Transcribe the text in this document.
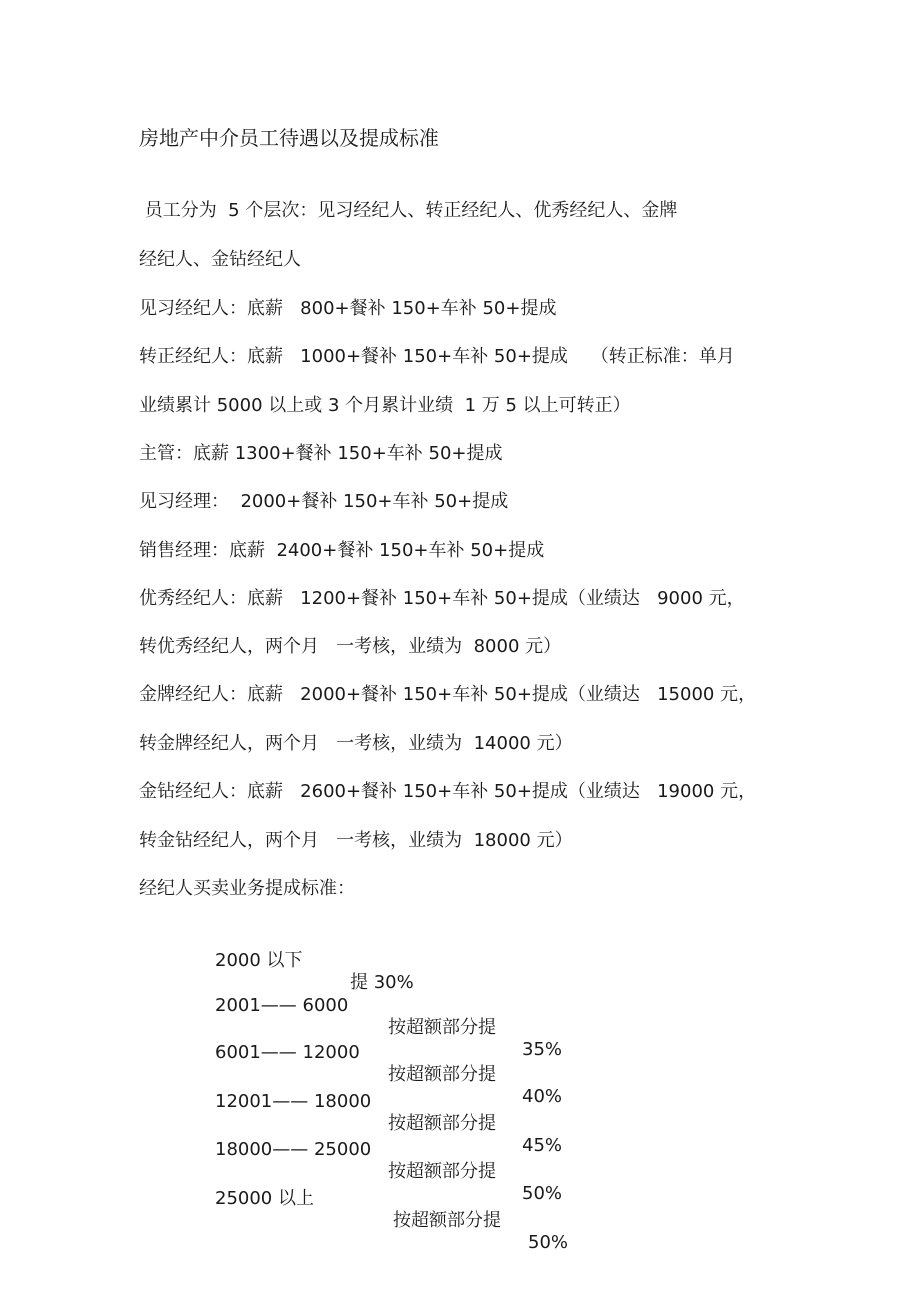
房地产中介员工待遇以及提成标准
员工分为  5 个层次：见习经纪人、转正经纪人、优秀经纪人、金牌
经纪人、金钻经纪人
见习经纪人：底薪   800+餐补 150+车补 50+提成
转正经纪人：底薪   1000+餐补 150+车补 50+提成    （转正标准：单月
业绩累计 5000 以上或 3 个月累计业绩  1 万 5 以上可转正）
主管：底薪 1300+餐补 150+车补 50+提成
见习经理：  2000+餐补 150+车补 50+提成
销售经理：底薪  2400+餐补 150+车补 50+提成
优秀经纪人：底薪   1200+餐补 150+车补 50+提成（业绩达   9000 元，
转优秀经纪人，两个月   一考核，业绩为  8000 元）
金牌经纪人：底薪   2000+餐补 150+车补 50+提成（业绩达   15000 元，
转金牌经纪人，两个月   一考核，业绩为  14000 元）
金钻经纪人：底薪   2600+餐补 150+车补 50+提成（业绩达   19000 元，
转金钻经纪人，两个月   一考核，业绩为  18000 元）
经纪人买卖业务提成标准：

2000 以下

提 30%

2001—— 6000

按超额部分提

35%

6001—— 12000

按超额部分提

40%

12001—— 18000

按超额部分提

45%

18000—— 25000

按超额部分提

50%

25000 以上

按超额部分提

50%
